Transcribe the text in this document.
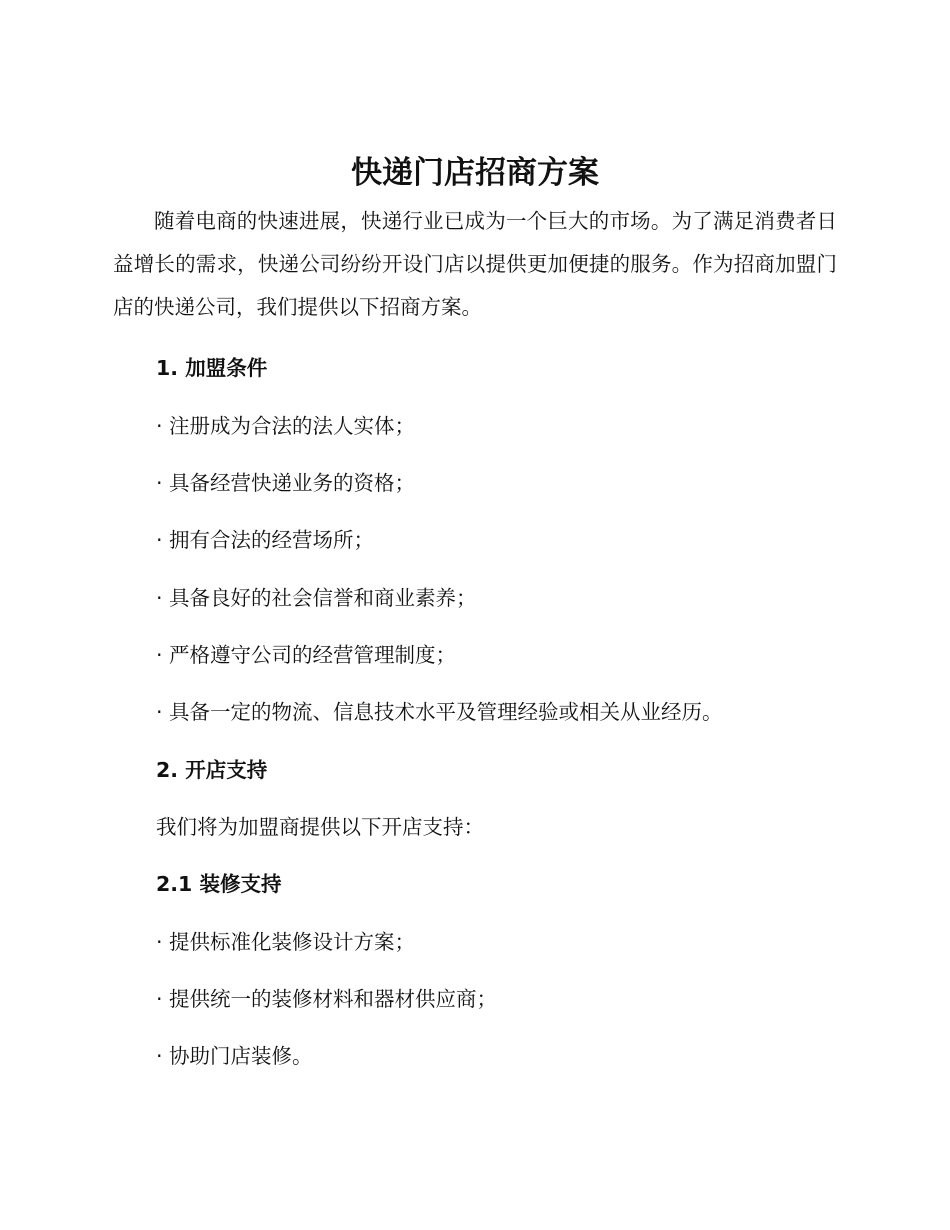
快递门店招商方案

随着电商的快速进展，快递行业已成为一个巨大的市场。为了满足消费者日益增长的需求，快递公司纷纷开设门店以提供更加便捷的服务。作为招商加盟门店的快递公司，我们提供以下招商方案。

1. 加盟条件

· 注册成为合法的法人实体；

· 具备经营快递业务的资格；

· 拥有合法的经营场所；

· 具备良好的社会信誉和商业素养；

· 严格遵守公司的经营管理制度；

· 具备一定的物流、信息技术水平及管理经验或相关从业经历。

2. 开店支持

我们将为加盟商提供以下开店支持：

2.1 装修支持

· 提供标准化装修设计方案；

· 提供统一的装修材料和器材供应商；

· 协助门店装修。
